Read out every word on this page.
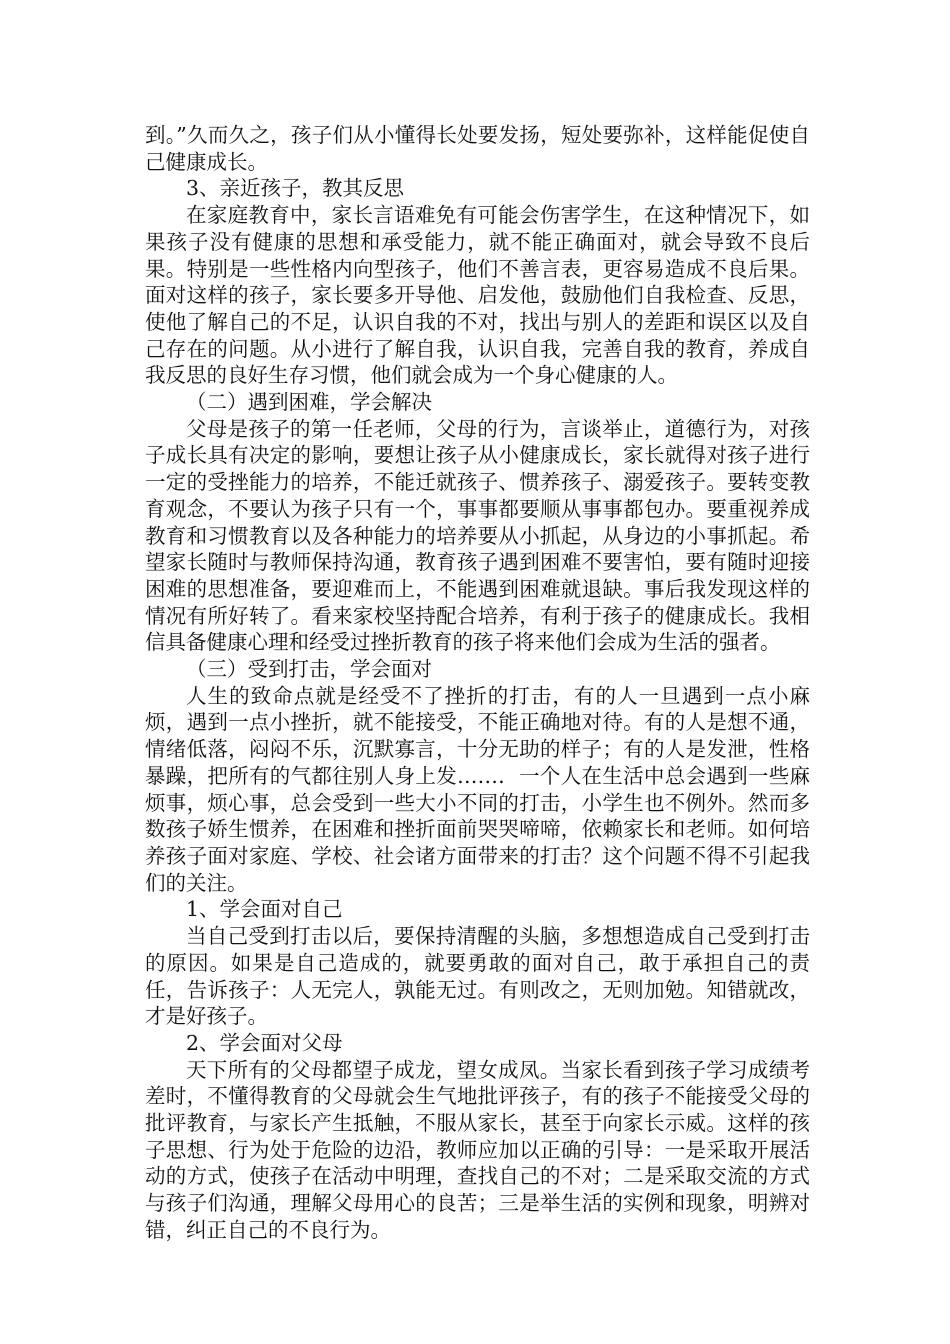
到。”久而久之，孩子们从小懂得长处要发扬，短处要弥补，这样能促使自己健康成长。

3、亲近孩子，教其反思

在家庭教育中，家长言语难免有可能会伤害学生，在这种情况下，如果孩子没有健康的思想和承受能力，就不能正确面对，就会导致不良后果。特别是一些性格内向型孩子，他们不善言表，更容易造成不良后果。面对这样的孩子，家长要多开导他、启发他，鼓励他们自我检查、反思，使他了解自己的不足，认识自我的不对，找出与别人的差距和误区以及自己存在的问题。从小进行了解自我，认识自我，完善自我的教育，养成自我反思的良好生存习惯，他们就会成为一个身心健康的人。

（二）遇到困难，学会解决

父母是孩子的第一任老师，父母的行为，言谈举止，道德行为，对孩子成长具有决定的影响，要想让孩子从小健康成长，家长就得对孩子进行一定的受挫能力的培养，不能迁就孩子、惯养孩子、溺爱孩子。要转变教育观念，不要认为孩子只有一个，事事都要顺从事事都包办。要重视养成教育和习惯教育以及各种能力的培养要从小抓起，从身边的小事抓起。希望家长随时与教师保持沟通，教育孩子遇到困难不要害怕，要有随时迎接困难的思想准备，要迎难而上，不能遇到困难就退缺。事后我发现这样的情况有所好转了。看来家校坚持配合培养，有利于孩子的健康成长。我相信具备健康心理和经受过挫折教育的孩子将来他们会成为生活的强者。

（三）受到打击，学会面对

人生的致命点就是经受不了挫折的打击，有的人一旦遇到一点小麻烦，遇到一点小挫折，就不能接受，不能正确地对待。有的人是想不通，情绪低落，闷闷不乐，沉默寡言，十分无助的样子；有的人是发泄，性格暴躁，把所有的气都往别人身上发……．一个人在生活中总会遇到一些麻烦事，烦心事，总会受到一些大小不同的打击，小学生也不例外。然而多数孩子娇生惯养，在困难和挫折面前哭哭啼啼，依赖家长和老师。如何培养孩子面对家庭、学校、社会诸方面带来的打击？这个问题不得不引起我们的关注。

1、学会面对自己

当自己受到打击以后，要保持清醒的头脑，多想想造成自己受到打击的原因。如果是自己造成的，就要勇敢的面对自己，敢于承担自己的责任，告诉孩子：人无完人，孰能无过。有则改之，无则加勉。知错就改，才是好孩子。

2、学会面对父母

天下所有的父母都望子成龙，望女成凤。当家长看到孩子学习成绩考差时，不懂得教育的父母就会生气地批评孩子，有的孩子不能接受父母的批评教育，与家长产生抵触，不服从家长，甚至于向家长示威。这样的孩子思想、行为处于危险的边沿，教师应加以正确的引导：一是采取开展活动的方式，使孩子在活动中明理，查找自己的不对；二是采取交流的方式与孩子们沟通，理解父母用心的良苦；三是举生活的实例和现象，明辨对错，纠正自己的不良行为。
